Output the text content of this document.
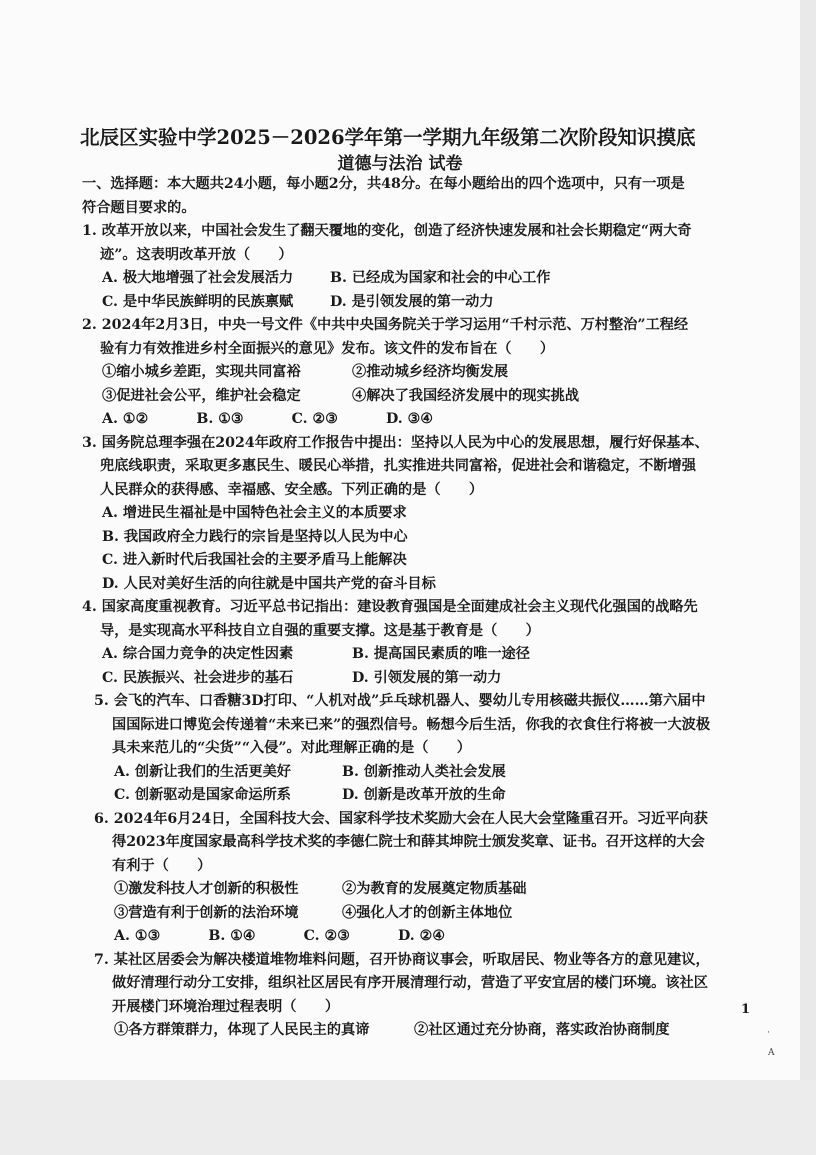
北辰区实验中学2025－2026学年第一学期九年级第二次阶段知识摸底
道德与法治 试卷
一、选择题：本大题共24小题，每小题2分，共48分。在每小题给出的四个选项中，只有一项是
符合题目要求的。
1. 改革开放以来，中国社会发生了翻天覆地的变化，创造了经济快速发展和社会长期稳定“两大奇
迹”。这表明改革开放（　　）
A. 极大地增强了社会发展活力	B. 已经成为国家和社会的中心工作
C. 是中华民族鲜明的民族禀赋	D. 是引领发展的第一动力
2. 2024年2月3日，中央一号文件《中共中央国务院关于学习运用“千村示范、万村整治”工程经
验有力有效推进乡村全面振兴的意见》发布。该文件的发布旨在（　　）
①缩小城乡差距，实现共同富裕	②推动城乡经济均衡发展
③促进社会公平，维护社会稳定	④解决了我国经济发展中的现实挑战
A. ①②	B. ①③	C. ②③	D. ③④
3. 国务院总理李强在2024年政府工作报告中提出：坚持以人民为中心的发展思想，履行好保基本、
兜底线职责，采取更多惠民生、暖民心举措，扎实推进共同富裕，促进社会和谐稳定，不断增强
人民群众的获得感、幸福感、安全感。下列正确的是（　　）
A. 增进民生福祉是中国特色社会主义的本质要求
B. 我国政府全力践行的宗旨是坚持以人民为中心
C. 进入新时代后我国社会的主要矛盾马上能解决
D. 人民对美好生活的向往就是中国共产党的奋斗目标
4. 国家高度重视教育。习近平总书记指出：建设教育强国是全面建成社会主义现代化强国的战略先
导，是实现高水平科技自立自强的重要支撑。这是基于教育是（　　）
A. 综合国力竞争的决定性因素	B. 提高国民素质的唯一途径
C. 民族振兴、社会进步的基石	D. 引领发展的第一动力
5. 会飞的汽车、口香糖3D打印、“人机对战”乒乓球机器人、婴幼儿专用核磁共振仪……第六届中
国国际进口博览会传递着“未来已来”的强烈信号。畅想今后生活，你我的衣食住行将被一大波极
具未来范儿的“尖货”“入侵”。对此理解正确的是（　　）
A. 创新让我们的生活更美好	B. 创新推动人类社会发展
C. 创新驱动是国家命运所系	D. 创新是改革开放的生命
6. 2024年6月24日，全国科技大会、国家科学技术奖励大会在人民大会堂隆重召开。习近平向获
得2023年度国家最高科学技术奖的李德仁院士和薛其坤院士颁发奖章、证书。召开这样的大会
有利于（　　）
①激发科技人才创新的积极性	②为教育的发展奠定物质基础
③营造有利于创新的法治环境	④强化人才的创新主体地位
A. ①③	B. ①④	C. ②③	D. ②④
7. 某社区居委会为解决楼道堆物堆料问题，召开协商议事会，听取居民、物业等各方的意见建议，
做好清理行动分工安排，组织社区居民有序开展清理行动，营造了平安宜居的楼门环境。该社区
开展楼门环境治理过程表明（　　）
①各方群策群力，体现了人民民主的真谛	②社区通过充分协商，落实政治协商制度
1
˙
A
